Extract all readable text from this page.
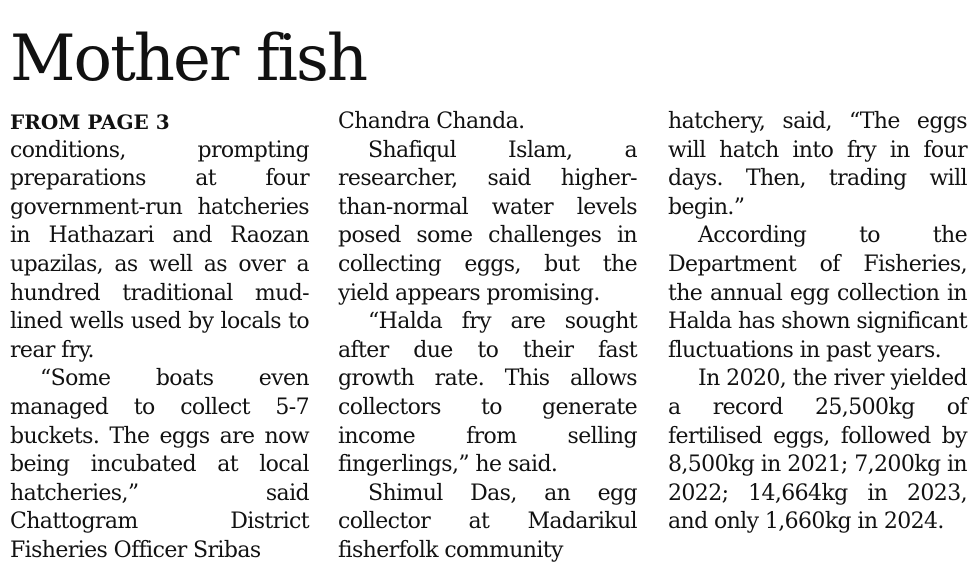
Mother fish
FROM PAGE 3

conditions, prompting preparations at four government-run hatcheries in Hathazari and Raozan upazilas, as well as over a hundred traditional mud-lined wells used by locals to rear fry.

“Some boats even managed to collect 5-7 buckets. The eggs are now being incubated at local hatcheries,” said Chattogram District Fisheries Officer Sribas

Chandra Chanda.

Shafiqul Islam, a researcher, said higher-than-normal water levels posed some challenges in collecting eggs, but the yield appears promising.

“Halda fry are sought after due to their fast growth rate. This allows collectors to generate income from selling fingerlings,” he said.

Shimul Das, an egg collector at Madarikul fisherfolk community

hatchery, said, “The eggs will hatch into fry in four days. Then, trading will begin.”

According to the Department of Fisheries, the annual egg collection in Halda has shown significant fluctuations in past years.

In 2020, the river yielded a record 25,500kg of fertilised eggs, followed by 8,500kg in 2021; 7,200kg in 2022; 14,664kg in 2023, and only 1,660kg in 2024.
